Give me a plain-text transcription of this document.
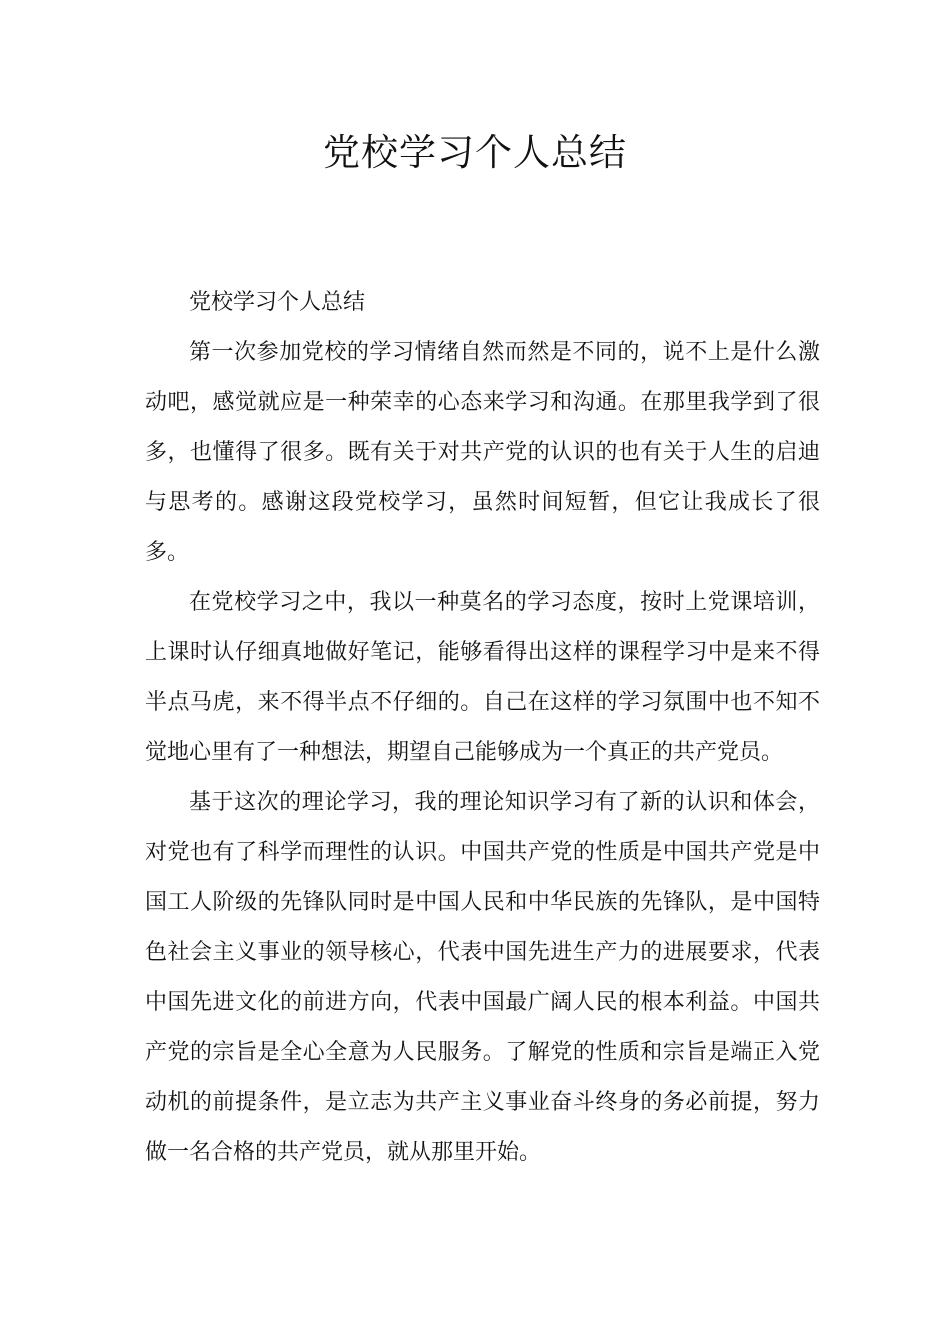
党校学习个人总结

党校学习个人总结

第一次参加党校的学习情绪自然而然是不同的，说不上是什么激动吧，感觉就应是一种荣幸的心态来学习和沟通。在那里我学到了很多，也懂得了很多。既有关于对共产党的认识的也有关于人生的启迪与思考的。感谢这段党校学习，虽然时间短暂，但它让我成长了很多。

在党校学习之中，我以一种莫名的学习态度，按时上党课培训，上课时认仔细真地做好笔记，能够看得出这样的课程学习中是来不得半点马虎，来不得半点不仔细的。自己在这样的学习氛围中也不知不觉地心里有了一种想法，期望自己能够成为一个真正的共产党员。

基于这次的理论学习，我的理论知识学习有了新的认识和体会，对党也有了科学而理性的认识。中国共产党的性质是中国共产党是中国工人阶级的先锋队同时是中国人民和中华民族的先锋队，是中国特色社会主义事业的领导核心，代表中国先进生产力的进展要求，代表中国先进文化的前进方向，代表中国最广阔人民的根本利益。中国共产党的宗旨是全心全意为人民服务。了解党的性质和宗旨是端正入党动机的前提条件，是立志为共产主义事业奋斗终身的务必前提，努力做一名合格的共产党员，就从那里开始。
